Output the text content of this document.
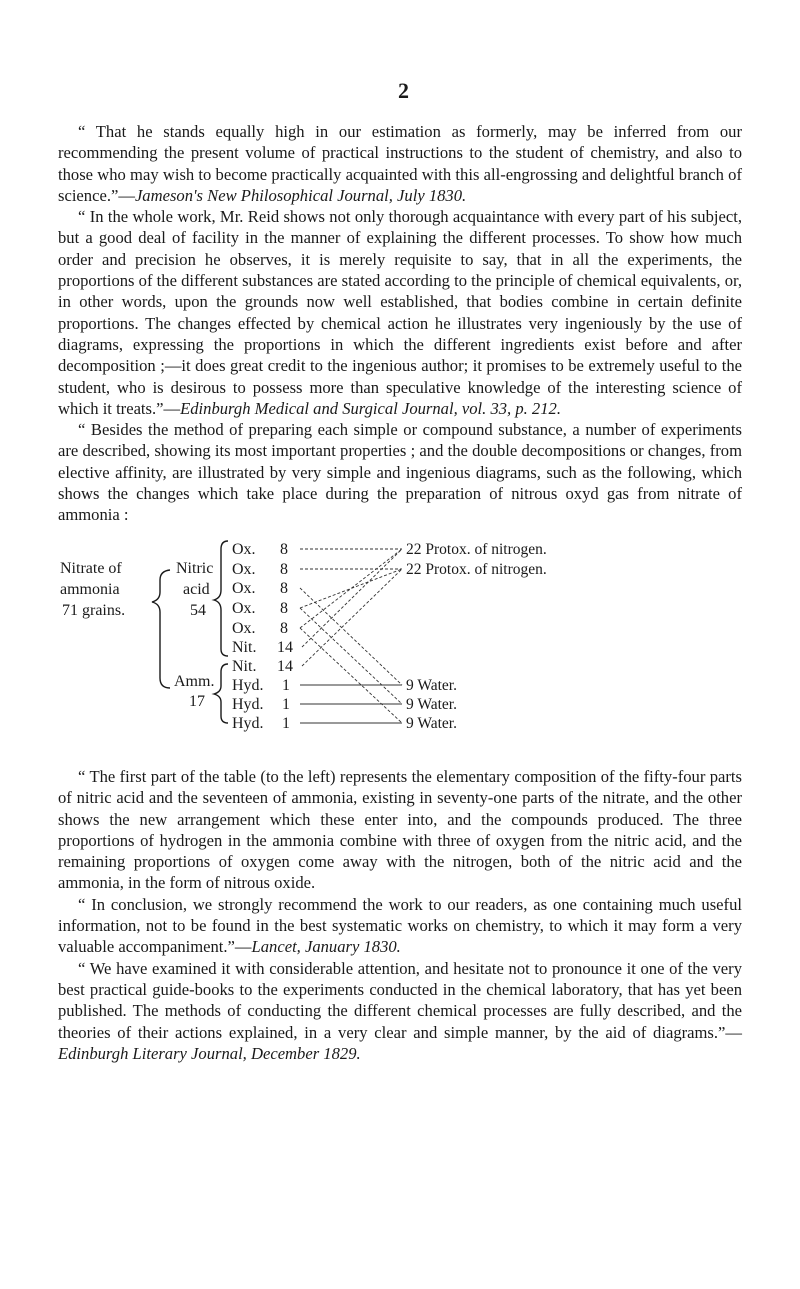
2

“ That he stands equally high in our estimation as formerly, may be inferred from our recommending the present volume of practical instructions to the student of chemistry, and also to those who may wish to become practically acquainted with this all-engrossing and delightful branch of science.”—Jameson's New Philosophical Journal, July 1830.

“ In the whole work, Mr. Reid shows not only thorough acquaintance with every part of his subject, but a good deal of facility in the manner of explaining the different processes. To show how much order and precision he observes, it is merely requisite to say, that in all the experiments, the proportions of the different substances are stated according to the principle of chemical equivalents, or, in other words, upon the grounds now well established, that bodies combine in certain definite proportions. The changes effected by chemical action he illustrates very ingeniously by the use of diagrams, expressing the proportions in which the different ingredients exist before and after decomposition ;—it does great credit to the ingenious author; it promises to be extremely useful to the student, who is desirous to possess more than speculative knowledge of the interesting science of which it treats.”—Edinburgh Medical and Surgical Journal, vol. 33, p. 212.

“ Besides the method of preparing each simple or compound substance, a number of experiments are described, showing its most important properties ; and the double decompositions or changes, from elective affinity, are illustrated by very simple and ingenious diagrams, such as the following, which shows the changes which take place during the preparation of nitrous oxyd gas from nitrate of ammonia :

Nitrate of
ammonia
71 grains.
Nitric
acid
54
Amm.
17
Ox. 8
Ox. 8
Ox. 8
Ox. 8
Ox. 8
Nit. 14
Nit. 14
Hyd. 1
Hyd. 1
Hyd. 1
22 Protox. of nitrogen.
22 Protox. of nitrogen.
9 Water.
9 Water.
9 Water.

“ The first part of the table (to the left) represents the elementary composition of the fifty-four parts of nitric acid and the seventeen of ammonia, existing in seventy-one parts of the nitrate, and the other shows the new arrangement which these enter into, and the compounds produced. The three proportions of hydrogen in the ammonia combine with three of oxygen from the nitric acid, and the remaining proportions of oxygen come away with the nitrogen, both of the nitric acid and the ammonia, in the form of nitrous oxide.

“ In conclusion, we strongly recommend the work to our readers, as one containing much useful information, not to be found in the best systematic works on chemistry, to which it may form a very valuable accompaniment.”—Lancet, January 1830.

“ We have examined it with considerable attention, and hesitate not to pronounce it one of the very best practical guide-books to the experiments conducted in the chemical laboratory, that has yet been published. The methods of conducting the different chemical processes are fully described, and the theories of their actions explained, in a very clear and simple manner, by the aid of diagrams.”—Edinburgh Literary Journal, December 1829.
